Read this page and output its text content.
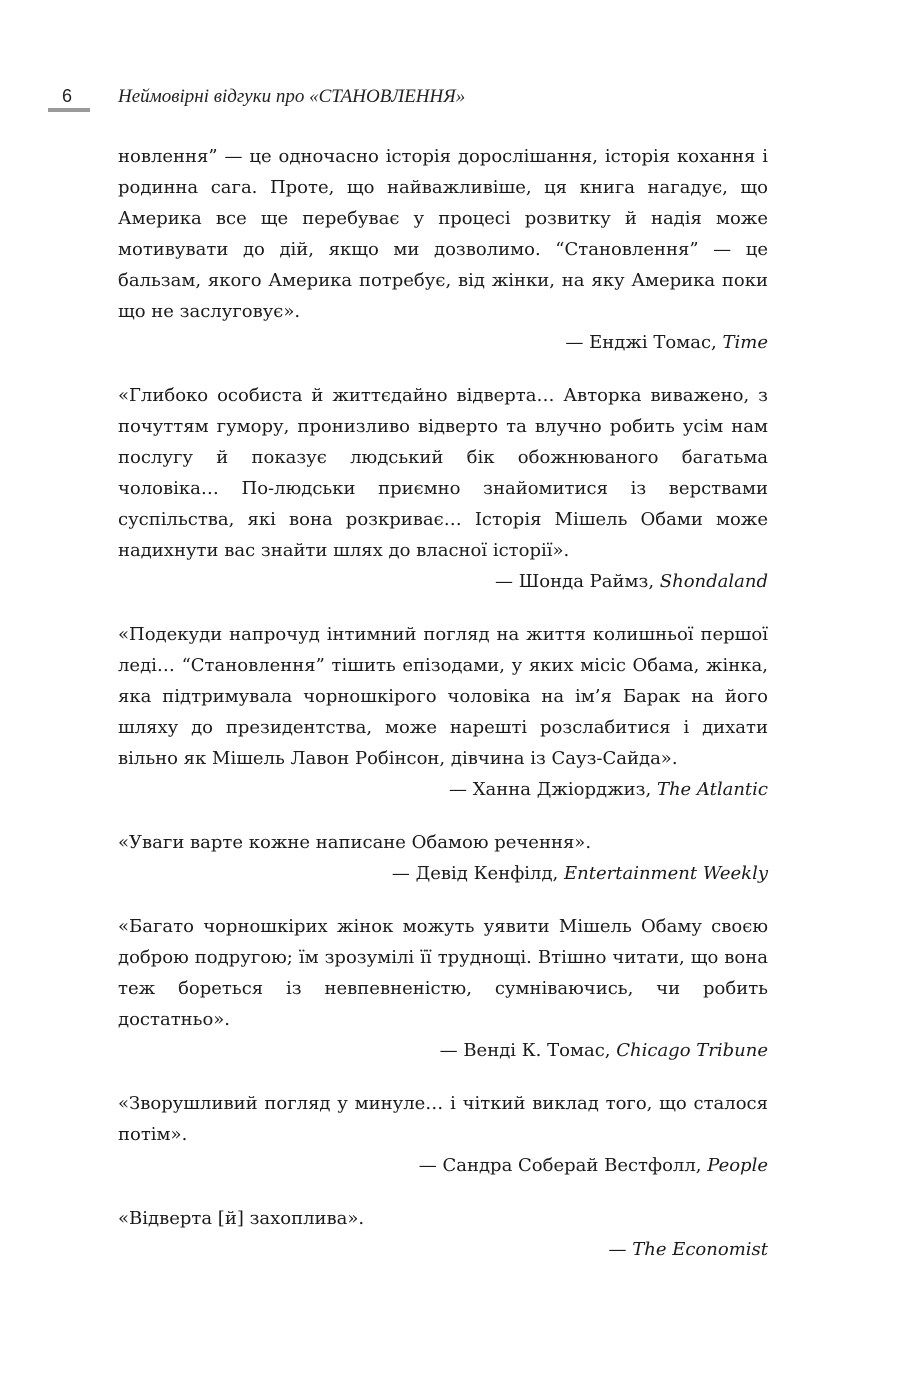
6 Неймовірні відгуки про «СТАНОВЛЕННЯ»

новлення” — це одночасно історія дорослішання, історія кохання і родинна сага. Проте, що найважливіше, ця книга нагадує, що Америка все ще перебуває у процесі розвитку й надія може мотивувати до дій, якщо ми дозволимо. “Становлення” — це бальзам, якого Америка потребує, від жінки, на яку Америка поки що не заслуговує».

— Енджі Томас, Time

«Глибоко особиста й життєдайно відверта… Авторка виважено, з почуттям гумору, пронизливо відверто та влучно робить усім нам послугу й показує людський бік обожнюваного багатьма чоловіка… По-людськи приємно знайомитися із верствами суспільства, які вона розкриває… Історія Мішель Обами може надихнути вас знайти шлях до власної історії».

— Шонда Раймз, Shondaland

«Подекуди напрочуд інтимний погляд на життя колишньої першої леді… “Становлення” тішить епізодами, у яких місіс Обама, жінка, яка підтримувала чорношкірого чоловіка на ім’я Барак на його шляху до президентства, може нарешті розслабитися і дихати вільно як Мішель Лавон Робінсон, дівчина із Сауз-Сайда».

— Ханна Джіорджиз, The Atlantic

«Уваги варте кожне написане Обамою речення».

— Девід Кенфілд, Entertainment Weekly

«Багато чорношкірих жінок можуть уявити Мішель Обаму своєю доброю подругою; їм зрозумілі її труднощі. Втішно читати, що вона теж бореться із невпевненістю, сумніваючись, чи робить достатньо».

— Венді К. Томас, Chicago Tribune

«Зворушливий погляд у минуле… і чіткий виклад того, що сталося потім».

— Сандра Соберай Вестфолл, People

«Відверта [й] захоплива».

— The Economist
